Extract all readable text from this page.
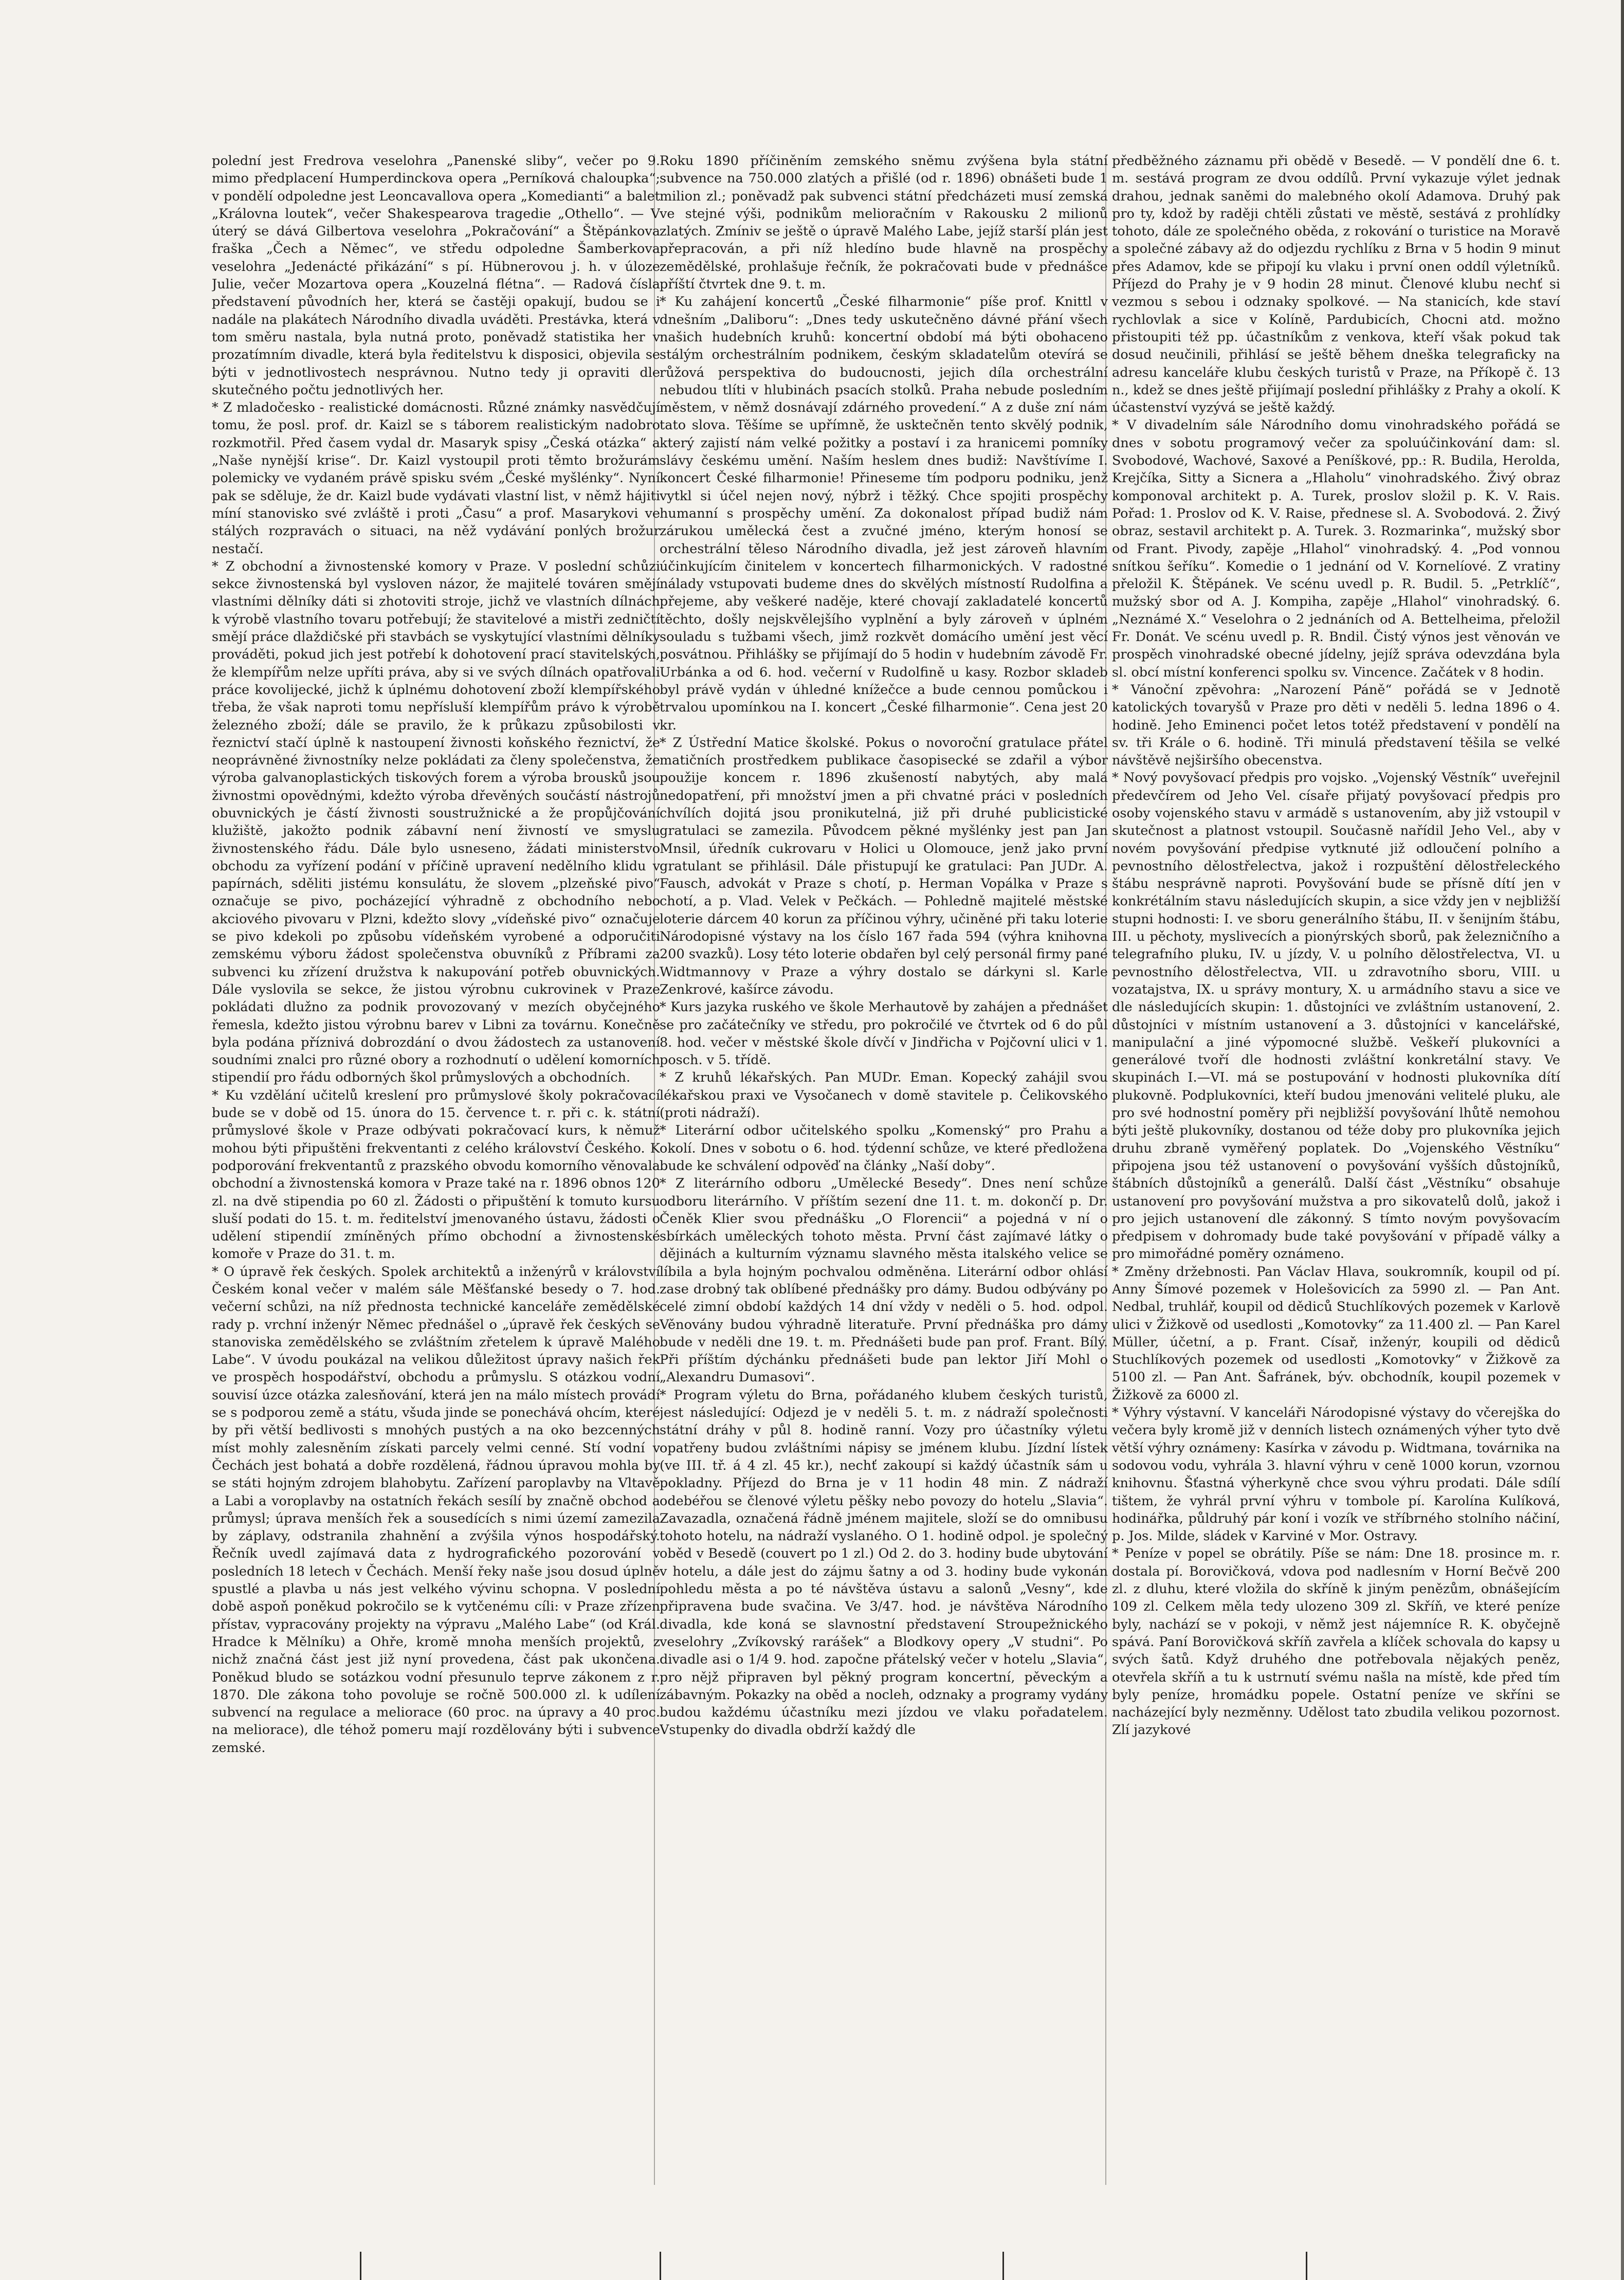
polední jest Fredrova veselohra „Panenské sliby“, večer po 9. mimo předplacení Humperdinckova opera „Perníková chaloupka“; v pondělí odpoledne jest Leoncavallova opera „Komedianti“ a balet „Královna loutek“, večer Shakespearova tragedie „Othello“. — V úterý se dává Gilbertova veselohra „Pokračování“ a Štěpánkova fraška „Čech a Němec“, ve středu odpoledne Šamberkova veselohra „Jedenácté přikázání“ s pí. Hübnerovou j. h. v úloze Julie, večer Mozartova opera „Kouzelná flétna“. — Radová čísla představení původních her, která se častěji opakují, budou se i nadále na plakátech Národního divadla uváděti. Prestávka, která v tom směru nastala, byla nutná proto, poněvadž statistika her v prozatímním divadle, která byla ředitelstvu k disposici, objevila se býti v jednotlivostech nesprávnou. Nutno tedy ji opraviti dle skutečného počtu jednotlivých her.

* Z mladočesko - realistické domácnosti. Různé známky nasvědčují tomu, že posl. prof. dr. Kaizl se s táborem realistickým nadobro rozkmotřil. Před časem vydal dr. Masaryk spisy „Česká otázka“ a „Naše nynější krise“. Dr. Kaizl vystoupil proti těmto brožurám polemicky ve vydaném právě spisku svém „České myšlénky“. Nyní pak se sděluje, že dr. Kaizl bude vydávati vlastní list, v němž hájiti míní stanovisko své zvláště i proti „Času“ a prof. Masarykovi ve stálých rozpravách o situaci, na něž vydávání ponlých brožur nestačí.

* Z obchodní a živnostenské komory v Praze. V poslední schůzi sekce živnostenská byl vysloven názor, že majitelé továren smějí vlastními dělníky dáti si zhotoviti stroje, jichž ve vlastních dílnách k výrobě vlastního tovaru potřebují; že stavitelové a mistři zedničtí smějí práce dlaždičské při stavbách se vyskytující vlastními dělníky prováděti, pokud jich jest potřebí k dohotovení prací stavitelských, že klempířům nelze upříti práva, aby si ve svých dílnách opatřovali práce kovolijecké, jichž k úplnému dohotovení zboží klempířského třeba, že však naproti tomu nepřísluší klempířům právo k výrobě železného zboží; dále se pravilo, že k průkazu způsobilosti v řeznictví stačí úplně k nastoupení živnosti koňského řeznictví, že neoprávněné živnostníky nelze pokládati za členy společenstva, že výroba galvanoplastických tiskových forem a výroba brousků jsou živnostmi opovědnými, kdežto výroba dřevěných součástí nástrojů obuvnických je částí živnosti soustružnické a že propůjčování klužiště, jakožto podnik zábavní není živností ve smyslu živnostenského řádu. Dále bylo usneseno, žádati ministerstvo obchodu za vyřízení podání v příčině upravení nedělního klidu v papírnách, sděliti jistému konsulátu, že slovem „plzeňské pivo“ označuje se pivo, pocházející výhradně z obchodního nebo akciového pivovaru v Plzni, kdežto slovy „vídeňské pivo“ označuje se pivo kdekoli po způsobu vídeňském vyrobené a odporučiti zemskému výboru žádost společenstva obuvníků z Příbrami za subvenci ku zřízení družstva k nakupování potřeb obuvnických. Dále vyslovila se sekce, že jistou výrobnu cukrovinek v Praze pokládati dlužno za podnik provozovaný v mezích obyčejného řemesla, kdežto jistou výrobnu barev v Libni za továrnu. Konečně byla podána příznivá dobrozdání o dvou žádostech za ustanovení soudními znalci pro různé obory a rozhodnutí o udělení komorních stipendií pro řádu odborných škol průmyslových a obchodních.

* Ku vzdělání učitelů kreslení pro průmyslové školy pokračovací bude se v době od 15. února do 15. července t. r. při c. k. státní průmyslové škole v Praze odbývati pokračovací kurs, k němuž mohou býti připuštěni frekventanti z celého království Českého. K podporování frekventantů z prazského obvodu komorního věnovala obchodní a živnostenská komora v Praze také na r. 1896 obnos 120 zl. na dvě stipendia po 60 zl. Žádosti o připuštění k tomuto kursu sluší podati do 15. t. m. ředitelství jmenovaného ústavu, žádosti o udělení stipendií zmíněných přímo obchodní a živnostenské komoře v Praze do 31. t. m.

* O úpravě řek českých. Spolek architektů a inženýrů v království Českém konal večer v malém sále Měšťanské besedy o 7. hod. večerní schůzi, na níž přednosta technické kanceláře zemědělské rady p. vrchní inženýr Němec přednášel o „úpravě řek českých se stanoviska zemědělského se zvláštním zřetelem k úpravě Malého Labe“. V úvodu poukázal na velikou důležitost úpravy našich řek ve prospěch hospodářství, obchodu a průmyslu. S otázkou vodní souvisí úzce otázka zalesňování, která jen na málo místech provádí se s podporou země a státu, všuda jinde se ponechává ohcím, které by při větší bedlivosti s mnohých pustých a na oko bezcenných míst mohly zalesněním získati parcely velmi cenné. Stí vodní v Čechách jest bohatá a dobře rozdělená, řádnou úpravou mohla by se státi hojným zdrojem blahobytu. Zařízení paroplavby na Vltavě a Labi a voroplavby na ostatních řekách sesílí by značně obchod a průmysl; úprava menších řek a sousedících s nimi území zamezila by záplavy, odstranila zhahnění a zvýšila výnos hospodářský. Řečník uvedl zajímavá data z hydrografického pozorování v posledních 18 letech v Čechách. Menší řeky naše jsou dosud úplně spustlé a plavba u nás jest velkého vývinu schopna. V poslední době aspoň poněkud pokročilo se k vytčenému cíli: v Praze zřízen přístav, vypracovány projekty na výpravu „Malého Labe“ (od Král. Hradce k Mělníku) a Ohře, kromě mnoha menších projektů, z nichž značná část jest již nyní provedena, část pak ukončena. Poněkud bludo se sotázkou vodní přesunulo teprve zákonem z r. 1870. Dle zákona toho povoluje se ročně 500.000 zl. k udílení subvencí na regulace a meliorace (60 proc. na úpravy a 40 proc. na meliorace), dle téhož pomeru mají rozdělovány býti i subvence zemské.

Roku 1890 příčiněním zemského sněmu zvýšena byla státní subvence na 750.000 zlatých a přišlé (od r. 1896) obnášeti bude 1 milion zl.; poněvadž pak subvenci státní předcházeti musí zemská ve stejné výši, podnikům melioračním v Rakousku 2 milionů zlatých. Zmíniv se ještě o úpravě Malého Labe, jejíž starší plán jest přepracován, a při níž hledíno bude hlavně na prospěchy zemědělské, prohlašuje řečník, že pokračovati bude v přednášce příští čtvrtek dne 9. t. m.

* Ku zahájení koncertů „České filharmonie“ píše prof. Knittl v dnešním „Daliboru“: „Dnes tedy uskutečněno dávné přání všech našich hudebních kruhů: koncertní období má býti obohaceno stálým orchestrálním podnikem, českým skladatelům otevírá se růžová perspektiva do budoucnosti, jejich díla orchestrální nebudou tlíti v hlubinách psacích stolků. Praha nebude posledním městem, v němž dosnávají zdárného provedení.“ A z duše zní nám tato slova. Těšíme se upřímně, že usktečněn tento skvělý podnik, který zajistí nám velké požitky a postaví i za hranicemi pomníky slávy českému umění. Naším heslem dnes budiž: Navštívíme I. koncert České filharmonie! Přineseme tím podporu podniku, jenž vytkl si účel nejen nový, nýbrž i těžký. Chce spojiti prospěchy humanní s prospěchy umění. Za dokonalost případ budiž nám zárukou umělecká čest a zvučné jméno, kterým honosí se orchestrální těleso Národního divadla, jež jest zároveň hlavním účinkujícím činitelem v koncertech filharmonických. V radostné nálady vstupovati budeme dnes do skvělých místností Rudolfina a přejeme, aby veškeré naděje, které chovají zakladatelé koncertů těchto, došly nejskvělejšího vyplnění a byly zároveň v úplném souladu s tužbami všech, jimž rozkvět domácího umění jest věcí posvátnou. Přihlášky se přijímají do 5 hodin v hudebním závodě Fr. Urbánka a od 6. hod. večerní v Rudolfině u kasy. Rozbor skladeb byl právě vydán v úhledné knížečce a bude cennou pomůckou i trvalou upomínkou na I. koncert „České filharmonie“. Cena jest 20 kr.

* Z Ústřední Matice školské. Pokus o novoroční gratulace přátel matičních prostředkem publikace časopisecké se zdařil a výbor použije koncem r. 1896 zkušeností nabytých, aby malá nedopatření, při množství jmen a při chvatné práci v posledních chvílích dojitá jsou pronikutelná, již při druhé publicistické gratulaci se zamezila. Původcem pěkné myšlénky jest pan Jan Mnsil, úředník cukrovaru v Holici u Olomouce, jenž jako první gratulant se přihlásil. Dále přistupují ke gratulaci: Pan JUDr. A. Fausch, advokát v Praze s chotí, p. Herman Vopálka v Praze s chotí, a p. Vlad. Velek v Pečkách. — Pohledně majitelé městské loterie dárcem 40 korun za příčinou výhry, učiněné při taku loterie Národopisné výstavy na los číslo 167 řada 594 (výhra knihovna 200 svazků). Losy této loterie obdařen byl celý personál firmy pané Widtmannovy v Praze a výhry dostalo se dárkyni sl. Karle Zenkrové, kašírce závodu.

* Kurs jazyka ruského ve škole Merhautově by zahájen a přednášet se pro začátečníky ve středu, pro pokročilé ve čtvrtek od 6 do půl 8. hod. večer v městské škole dívčí v Jindřicha v Pojčovní ulici v 1. posch. v 5. třídě.

* Z kruhů lékařských. Pan MUDr. Eman. Kopecký zahájil svou lékařskou praxi ve Vysočanech v domě stavitele p. Čelikovského (proti nádraží).

* Literární odbor učitelského spolku „Komenský“ pro Prahu a okolí. Dnes v sobotu o 6. hod. týdenní schůze, ve které předložena bude ke schválení odpověď na články „Naší doby“.

* Z literárního odboru „Umělecké Besedy“. Dnes není schůze odboru literárního. V příštím sezení dne 11. t. m. dokončí p. Dr. Čeněk Klier svou přednášku „O Florencii“ a pojedná v ní o sbírkách uměleckých tohoto města. První část zajímavé látky o dějinách a kulturním významu slavného města italského velice se líbila a byla hojným pochvalou odměněna. Literární odbor ohlásí zase drobný tak oblíbené přednášky pro dámy. Budou odbývány po celé zimní období každých 14 dní vždy v neděli o 5. hod. odpol. Věnovány budou výhradně literatuře. První přednáška pro dámy bude v neděli dne 19. t. m. Přednášeti bude pan prof. Frant. Bílý. Při příštím dýchánku přednášeti bude pan lektor Jiří Mohl o „Alexandru Dumasovi“.

* Program výletu do Brna, pořádaného klubem českých turistů, jest následující: Odjezd je v neděli 5. t. m. z nádraží společnosti státní dráhy v půl 8. hodině ranní. Vozy pro účastníky výletu opatřeny budou zvláštními nápisy se jménem klubu. Jízdní lístek (ve III. tř. á 4 zl. 45 kr.), nechť zakoupí si každý účastník sám u pokladny. Příjezd do Brna je v 11 hodin 48 min. Z nádraží odebéřou se členové výletu pěšky nebo povozy do hotelu „Slavia“. Zavazadla, označená řádně jménem majitele, složí se do omnibusu tohoto hotelu, na nádraží vyslaného. O 1. hodině odpol. je společný oběd v Besedě (couvert po 1 zl.) Od 2. do 3. hodiny bude ubytování v hotelu, a dále jest do zájmu šatny a od 3. hodiny bude vykonán pohledu města a po té návštěva ústavu a salonů „Vesny“, kde připravena bude svačina. Ve 3/47. hod. je návštěva Národního divadla, kde koná se slavnostní představení Stroupežnického veselohry „Zvíkovský rarášek“ a Blodkovy opery „V studni“. Po divadle asi o 1/4 9. hod. započne přátelský večer v hotelu „Slavia“, pro nějž připraven byl pěkný program koncertní, pěveckým a zábavným. Pokazky na oběd a nocleh, odznaky a programy vydány budou každému účastníku mezi jízdou ve vlaku pořadatelem. Vstupenky do divadla obdrží každý dle

předběžného záznamu při obědě v Besedě. — V pondělí dne 6. t. m. sestává program ze dvou oddílů. První vykazuje výlet jednak drahou, jednak saněmi do malebného okolí Adamova. Druhý pak pro ty, kdož by raději chtěli zůstati ve městě, sestává z prohlídky tohoto, dále ze společného oběda, z rokování o turistice na Moravě a společné zábavy až do odjezdu rychlíku z Brna v 5 hodin 9 minut přes Adamov, kde se připojí ku vlaku i první onen oddíl výletníků. Příjezd do Prahy je v 9 hodin 28 minut. Členové klubu nechť si vezmou s sebou i odznaky spolkové. — Na stanicích, kde staví rychlovlak a sice v Kolíně, Pardubicích, Chocni atd. možno přistoupiti též pp. účastníkům z venkova, kteří však pokud tak dosud neučinili, přihlásí se ještě během dneška telegraficky na adresu kanceláře klubu českých turistů v Praze, na Příkopě č. 13 n., kdež se dnes ještě přijímají poslední přihlášky z Prahy a okolí. K účastenství vyzývá se ještě každý.

* V divadelním sále Národního domu vinohradského pořádá se dnes v sobotu programový večer za spoluúčinkování dam: sl. Svobodové, Wachové, Saxové a Peníškové, pp.: R. Budila, Herolda, Krejčíka, Sitty a Sicnera a „Hlaholu“ vinohradského. Živý obraz komponoval architekt p. A. Turek, proslov složil p. K. V. Rais. Pořad: 1. Proslov od K. V. Raise, přednese sl. A. Svobodová. 2. Živý obraz, sestavil architekt p. A. Turek. 3. Rozmarinka“, mužský sbor od Frant. Pivody, zapěje „Hlahol“ vinohradský. 4. „Pod vonnou snítkou šeříku“. Komedie o 1 jednání od V. Kornelíové. Z vratiny přeložil K. Štěpánek. Ve scénu uvedl p. R. Budil. 5. „Petrklíč“, mužský sbor od A. J. Kompiha, zapěje „Hlahol“ vinohradský. 6. „Neznámé X.“ Veselohra o 2 jednáních od A. Bettelheima, přeložil Fr. Donát. Ve scénu uvedl p. R. Bndil. Čistý výnos jest věnován ve prospěch vinohradské obecné jídelny, jejíž správa odevzdána byla sl. obcí místní konferenci spolku sv. Vincence. Začátek v 8 hodin.

* Vánoční zpěvohra: „Narození Páně“ pořádá se v Jednotě katolických tovaryšů v Praze pro děti v neděli 5. ledna 1896 o 4. hodině. Jeho Eminenci počet letos totéž představení v pondělí na sv. tři Krále o 6. hodině. Tři minulá představení těšila se velké návštěvě nejširšího obecenstva.

* Nový povyšovací předpis pro vojsko. „Vojenský Věstník“ uveřejnil předevčírem od Jeho Vel. císaře přijatý povyšovací předpis pro osoby vojenského stavu v armádě s ustanovením, aby již vstoupil v skutečnost a platnost vstoupil. Současně nařídil Jeho Vel., aby v novém povyšování předpise vytknuté již odloučení polního a pevnostního dělostřelectva, jakož i rozpuštění dělostřeleckého štábu nesprávně naproti. Povyšování bude se přísně dítí jen v konkrétálním stavu následujících skupin, a sice vždy jen v nejbližší stupni hodnosti: I. ve sboru generálního štábu, II. v šenijním štábu, III. u pěchoty, myslivecích a pionýrských sborů, pak železničního a telegrafního pluku, IV. u jízdy, V. u polního dělostřelectva, VI. u pevnostního dělostřelectva, VII. u zdravotního sboru, VIII. u vozatajstva, IX. u správy montury, X. u armádního stavu a sice ve dle následujících skupin: 1. důstojníci ve zvláštním ustanovení, 2. důstojníci v místním ustanovení a 3. důstojníci v kancelářské, manipulační a jiné výpomocné službě. Veškeří plukovníci a generálové tvoří dle hodnosti zvláštní konkretální stavy. Ve skupinách I.—VI. má se postupování v hodnosti plukovníka dítí plukovně. Podplukovníci, kteří budou jmenováni velitelé pluku, ale pro své hodnostní poměry při nejbližší povyšování lhůtě nemohou býti ještě plukovníky, dostanou od téže doby pro plukovníka jejich druhu zbraně vyměřený poplatek. Do „Vojenského Věstníku“ připojena jsou též ustanovení o povyšování vyšších důstojníků, štábních důstojníků a generálů. Další část „Věstníku“ obsahuje ustanovení pro povyšování mužstva a pro sikovatelů dolů, jakož i pro jejich ustanovení dle zákonný. S tímto novým povyšovacím předpisem v dohromady bude také povyšování v případě války a pro mimořádné poměry oznámeno.

* Změny držebnosti. Pan Václav Hlava, soukromník, koupil od pí. Anny Šímové pozemek v Holešovicích za 5990 zl. — Pan Ant. Nedbal, truhlář, koupil od dědiců Stuchlíkových pozemek v Karlově ulici v Žižkově od usedlosti „Komotovky“ za 11.400 zl. — Pan Karel Müller, účetní, a p. Frant. Císař, inženýr, koupili od dědiců Stuchlíkových pozemek od usedlosti „Komotovky“ v Žižkově za 5100 zl. — Pan Ant. Šafránek, býv. obchodník, koupil pozemek v Žižkově za 6000 zl.

* Výhry výstavní. V kanceláři Národopisné výstavy do včerejška do večera byly kromě již v denních listech oznámených výher tyto dvě větší výhry oznámeny: Kasírka v závodu p. Widtmana, továrnika na sodovou vodu, vyhrála 3. hlavní výhru v ceně 1000 korun, vzornou knihovnu. Šťastná výherkyně chce svou výhru prodati. Dále sdílí tištem, že vyhrál první výhru v tombole pí. Karolína Kulíková, hodinářka, půldruhý pár koní i vozík ve stříbrného stolního náčiní, p. Jos. Milde, sládek v Karviné v Mor. Ostravy.

* Peníze v popel se obrátily. Píše se nám: Dne 18. prosince m. r. dostala pí. Borovičková, vdova pod nadlesním v Horní Bečvě 200 zl. z dluhu, které vložila do skříně k jiným penězům, obnášejícím 109 zl. Celkem měla tedy ulozeno 309 zl. Skříň, ve které peníze byly, nachází se v pokoji, v němž jest nájemníce R. K. obyčejně spává. Paní Borovičková skříň zavřela a klíček schovala do kapsy u svých šatů. Když druhého dne potřebovala nějakých peněz, otevřela skříň a tu k ustrnutí svému našla na místě, kde před tím byly peníze, hromádku popele. Ostatní peníze ve skříni se nacházející byly nezměnny. Udělost tato zbudila velikou pozornost. Zlí jazykové
